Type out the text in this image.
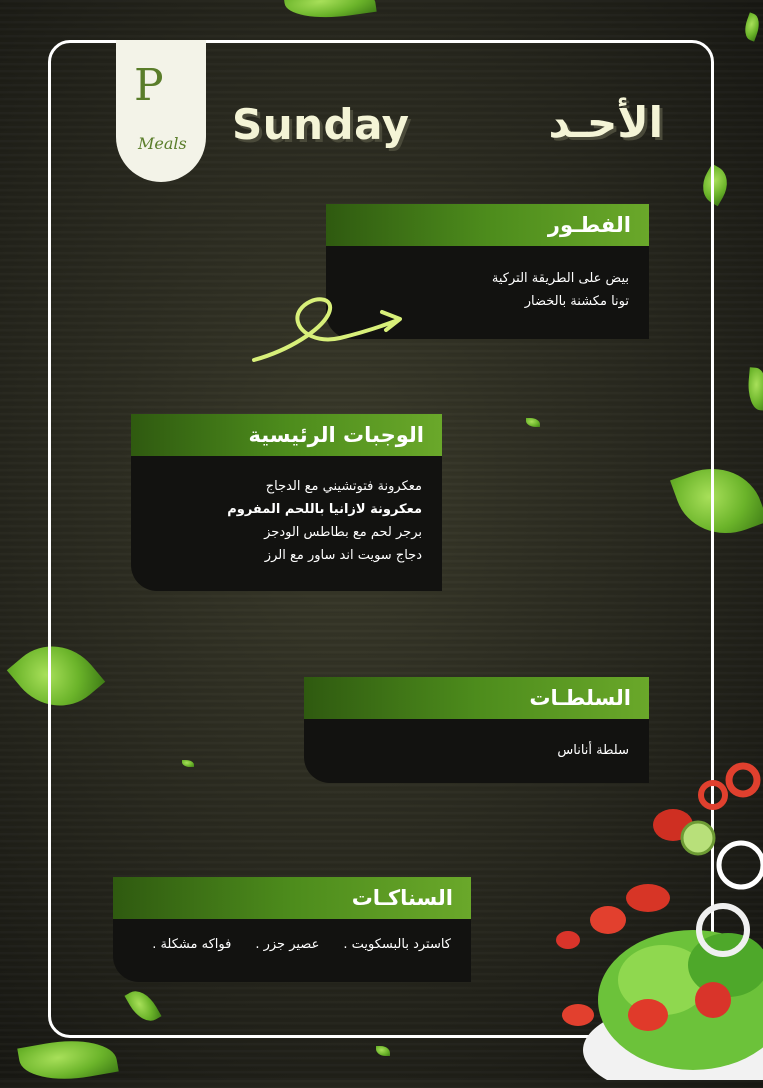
P
Meals Sunday	الأحـد
الفطـور
بيض على الطريقة التركية
تونا مكشنة بالخضار
الوجبات الرئيسية
معكرونة فتوتشيني مع الدجاج
معكرونة لازانيا باللحم المفروم
برجر لحم مع بطاطس الودجز
دجاج سويت اند ساور مع الرز
السلطـات
سلطة أناناس
السناكـات
كاسترد بالبسكويت .
عصير جزر .
فواكه مشكلة .
